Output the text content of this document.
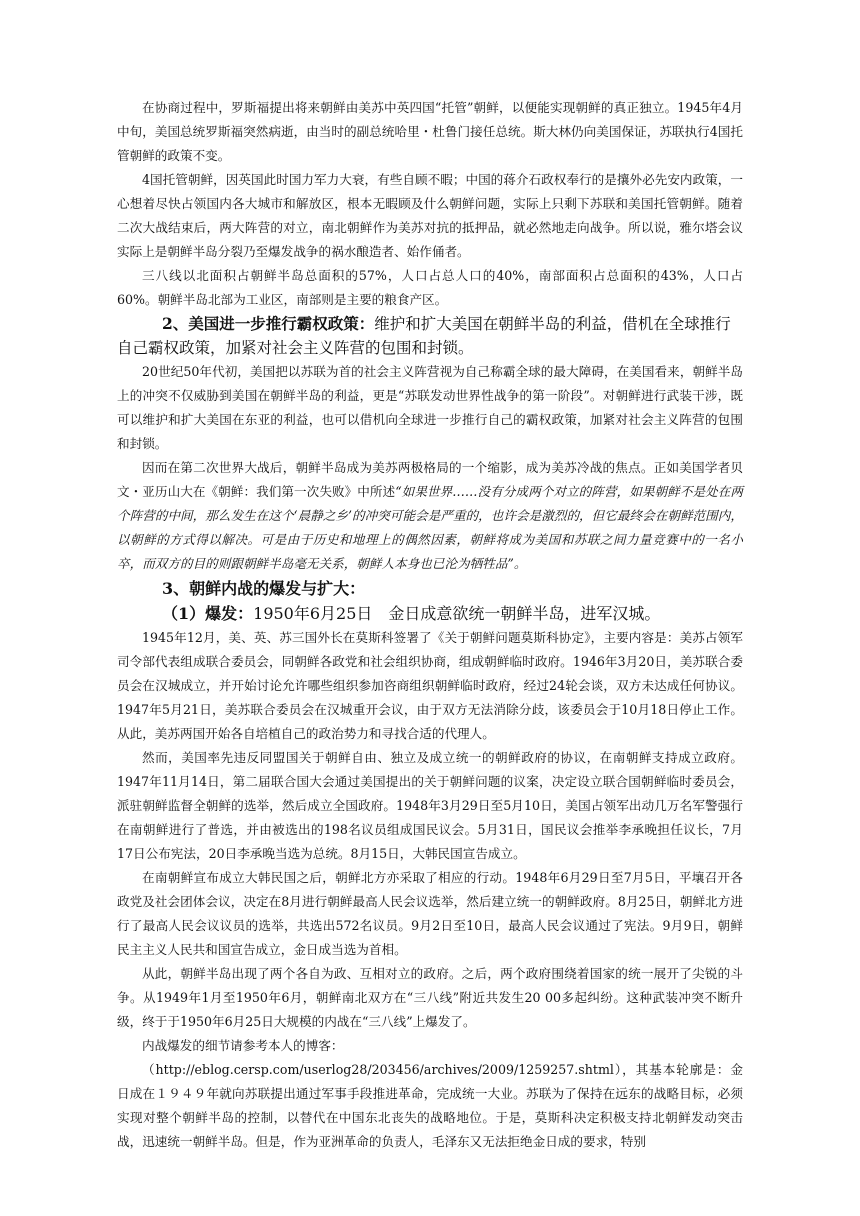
在协商过程中，罗斯福提出将来朝鲜由美苏中英四国“托管”朝鲜，以便能实现朝鲜的真正独立。1945年4月中旬，美国总统罗斯福突然病逝，由当时的副总统哈里・杜鲁门接任总统。斯大林仍向美国保证，苏联执行4国托管朝鲜的政策不变。

4国托管朝鲜，因英国此时国力军力大衰，有些自顾不暇；中国的蒋介石政权奉行的是攘外必先安内政策，一心想着尽快占领国内各大城市和解放区，根本无暇顾及什么朝鲜问题，实际上只剩下苏联和美国托管朝鲜。随着二次大战结束后，两大阵营的对立，南北朝鲜作为美苏对抗的抵押品，就必然地走向战争。所以说，雅尔塔会议实际上是朝鲜半岛分裂乃至爆发战争的祸水酿造者、始作俑者。

三八线以北面积占朝鲜半岛总面积的57%，人口占总人口的40%，南部面积占总面积的43%，人口占60%。朝鲜半岛北部为工业区，南部则是主要的粮食产区。

2、美国进一步推行霸权政策：维护和扩大美国在朝鲜半岛的利益，借机在全球推行自己霸权政策，加紧对社会主义阵营的包围和封锁。

20世纪50年代初，美国把以苏联为首的社会主义阵营视为自己称霸全球的最大障碍，在美国看来，朝鲜半岛上的冲突不仅威胁到美国在朝鲜半岛的利益，更是“苏联发动世界性战争的第一阶段”。对朝鲜进行武装干涉，既可以维护和扩大美国在东亚的利益，也可以借机向全球进一步推行自己的霸权政策，加紧对社会主义阵营的包围和封锁。

因而在第二次世界大战后，朝鲜半岛成为美苏两极格局的一个缩影，成为美苏冷战的焦点。正如美国学者贝文・亚历山大在《朝鲜：我们第一次失败》中所述“如果世界……没有分成两个对立的阵营，如果朝鲜不是处在两个阵营的中间，那么发生在这个‘晨静之乡’的冲突可能会是严重的，也许会是激烈的，但它最终会在朝鲜范围内，以朝鲜的方式得以解决。可是由于历史和地理上的偶然因素，朝鲜将成为美国和苏联之间力量竞赛中的一名小卒，而双方的目的则跟朝鲜半岛毫无关系，朝鲜人本身也已沦为牺牲品”。

3、朝鲜内战的爆发与扩大：

（1）爆发：1950年6月25日　金日成意欲统一朝鲜半岛，进军汉城。

1945年12月，美、英、苏三国外长在莫斯科签署了《关于朝鲜问题莫斯科协定》，主要内容是：美苏占领军司令部代表组成联合委员会，同朝鲜各政党和社会组织协商，组成朝鲜临时政府。1946年3月20日，美苏联合委员会在汉城成立，并开始讨论允许哪些组织参加咨商组织朝鲜临时政府，经过24轮会谈，双方未达成任何协议。1947年5月21日，美苏联合委员会在汉城重开会议，由于双方无法消除分歧，该委员会于10月18日停止工作。从此，美苏两国开始各自培植自己的政治势力和寻找合适的代理人。

然而，美国率先违反同盟国关于朝鲜自由、独立及成立统一的朝鲜政府的协议，在南朝鲜支持成立政府。1947年11月14日，第二届联合国大会通过美国提出的关于朝鲜问题的议案，决定设立联合国朝鲜临时委员会，派驻朝鲜监督全朝鲜的选举，然后成立全国政府。1948年3月29日至5月10日，美国占领军出动几万名军警强行在南朝鲜进行了普选，并由被选出的198名议员组成国民议会。5月31日，国民议会推举李承晚担任议长，7月17日公布宪法，20日李承晚当选为总统。8月15日，大韩民国宣告成立。

在南朝鲜宣布成立大韩民国之后，朝鲜北方亦采取了相应的行动。1948年6月29日至7月5日，平壤召开各政党及社会团体会议，决定在8月进行朝鲜最高人民会议选举，然后建立统一的朝鲜政府。8月25日，朝鲜北方进行了最高人民会议议员的选举，共选出572名议员。9月2日至10日，最高人民会议通过了宪法。9月9日，朝鲜民主主义人民共和国宣告成立，金日成当选为首相。

从此，朝鲜半岛出现了两个各自为政、互相对立的政府。之后，两个政府围绕着国家的统一展开了尖锐的斗争。从1949年1月至1950年6月，朝鲜南北双方在“三八线”附近共发生20 00多起纠纷。这种武装冲突不断升级，终于于1950年6月25日大规模的内战在“三八线”上爆发了。

内战爆发的细节请参考本人的博客：

（http://eblog.cersp.com/userlog28/203456/archives/2009/1259257.shtml），其基本轮廓是：金日成在１９４９年就向苏联提出通过军事手段推进革命，完成统一大业。苏联为了保持在远东的战略目标，必须实现对整个朝鲜半岛的控制，以替代在中国东北丧失的战略地位。于是，莫斯科决定积极支持北朝鲜发动突击战，迅速统一朝鲜半岛。但是，作为亚洲革命的负责人，毛泽东又无法拒绝金日成的要求，特别
